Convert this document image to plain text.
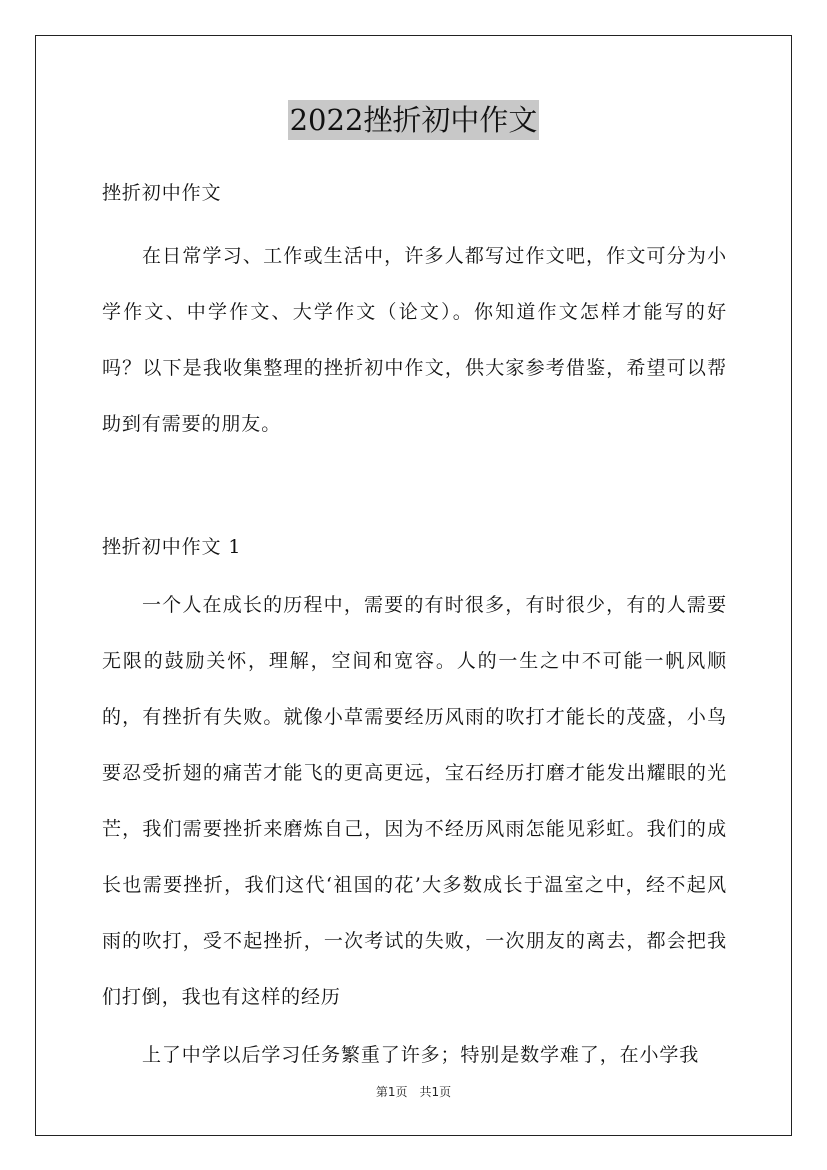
2022挫折初中作文
挫折初中作文

在日常学习、工作或生活中，许多人都写过作文吧，作文可分为小学作文、中学作文、大学作文（论文）。你知道作文怎样才能写的好吗？以下是我收集整理的挫折初中作文，供大家参考借鉴，希望可以帮助到有需要的朋友。

挫折初中作文 1

一个人在成长的历程中，需要的有时很多，有时很少，有的人需要无限的鼓励关怀，理解，空间和宽容。人的一生之中不可能一帆风顺的，有挫折有失败。就像小草需要经历风雨的吹打才能长的茂盛，小鸟要忍受折翅的痛苦才能飞的更高更远，宝石经历打磨才能发出耀眼的光芒，我们需要挫折来磨炼自己，因为不经历风雨怎能见彩虹。我们的成长也需要挫折，我们这代‘祖国的花’大多数成长于温室之中，经不起风雨的吹打，受不起挫折，一次考试的失败，一次朋友的离去，都会把我们打倒，我也有这样的经历

上了中学以后学习任务繁重了许多；特别是数学难了，在小学我

第1页　共1页
